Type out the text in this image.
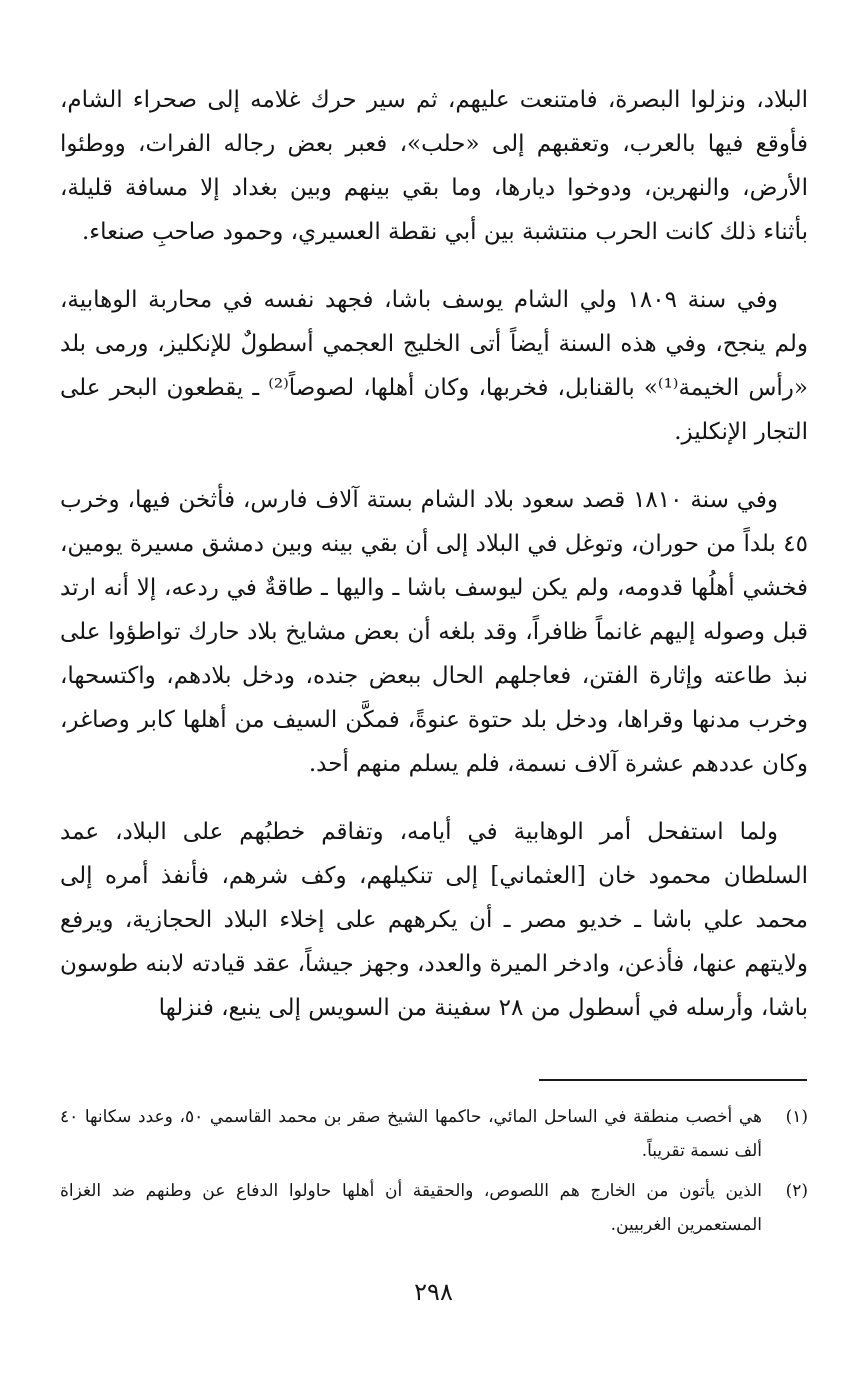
البلاد، ونزلوا البصرة، فامتنعت عليهم، ثم سير حرك غلامه إلى صحراء الشام، فأوقع فيها بالعرب، وتعقبهم إلى «حلب»، فعبر بعض رجاله الفرات، ووطئوا الأرض، والنهرين، ودوخوا ديارها، وما بقي بينهم وبين بغداد إلا مسافة قليلة، بأثناء ذلك كانت الحرب منتشبة بين أبي نقطة العسيري، وحمود صاحبِ صنعاء.

وفي سنة ١٨٠٩ ولي الشام يوسف باشا، فجهد نفسه في محاربة الوهابية، ولم ينجح، وفي هذه السنة أيضاً أتى الخليج العجمي أسطولٌ للإنكليز، ورمى بلد «رأس الخيمة⁽¹⁾» بالقنابل، فخربها، وكان أهلها، لصوصاً⁽²⁾ ـ يقطعون البحر على التجار الإنكليز.

وفي سنة ١٨١٠ قصد سعود بلاد الشام بستة آلاف فارس، فأثخن فيها، وخرب ٤٥ بلداً من حوران، وتوغل في البلاد إلى أن بقي بينه وبين دمشق مسيرة يومين، فخشي أهلُها قدومه، ولم يكن ليوسف باشا ـ واليها ـ طاقةٌ في ردعه، إلا أنه ارتد قبل وصوله إليهم غانماً ظافراً، وقد بلغه أن بعض مشايخ بلاد حارك تواطؤوا على نبذ طاعته وإثارة الفتن، فعاجلهم الحال ببعض جنده، ودخل بلادهم، واكتسحها، وخرب مدنها وقراها، ودخل بلد حتوة عنوةً، فمكَّن السيف من أهلها كابر وصاغر، وكان عددهم عشرة آلاف نسمة، فلم يسلم منهم أحد.

ولما استفحل أمر الوهابية في أيامه، وتفاقم خطبُهم على البلاد، عمد السلطان محمود خان [العثماني] إلى تنكيلهم، وكف شرهم، فأنفذ أمره إلى محمد علي باشا ـ خديو مصر ـ أن يكرههم على إخلاء البلاد الحجازية، ويرفع ولايتهم عنها، فأذعن، وادخر الميرة والعدد، وجهز جيشاً، عقد قيادته لابنه طوسون باشا، وأرسله في أسطول من ٢٨ سفينة من السويس إلى ينبع، فنزلها

(١)
هي أخصب منطقة في الساحل المائي، حاكمها الشيخ صقر بن محمد القاسمي ٥٠، وعدد سكانها ٤٠ ألف نسمة تقريباً.
(٢)
الذين يأتون من الخارج هم اللصوص، والحقيقة أن أهلها حاولوا الدفاع عن وطنهم ضد الغزاة المستعمرين الغربيين.
٢٩٨
